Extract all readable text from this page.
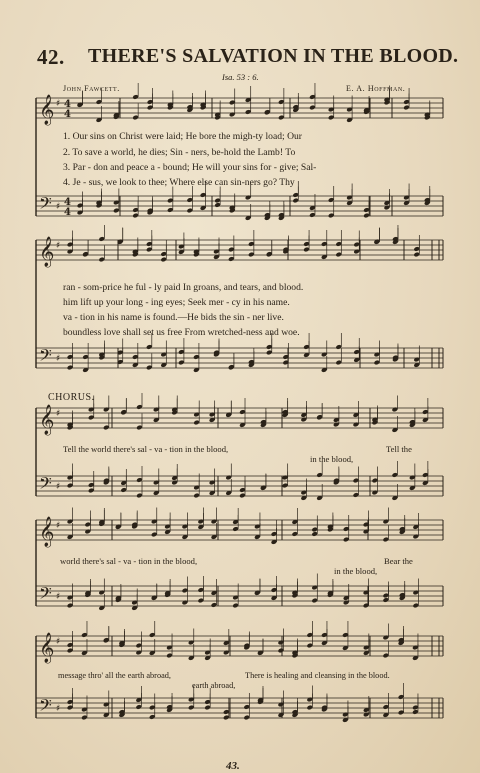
42. THERE'S SALVATION IN THE BLOOD.
Isa. 53 : 6.
John Fawcett.	E. A. Hoffman.
𝄞
𝄢
♯
♯
4
4
4
4
𝄞
𝄢
♯
♯
𝄞
𝄢
♯
♯
𝄞
𝄢
♯
♯
𝄞
𝄢
♯
♯
1. Our sins on Christ were laid; He bore the migh-ty load; Our
2. To save a world, he dies; Sin - ners, be-hold the Lamb! To
3. Par - don and peace a - bound; He will your sins for - give; Sal-
4. Je - sus, we look to thee; Where else can sin-ners go? Thy
ran - som-price he ful - ly paid In groans, and tears, and blood.
him lift up your long - ing eyes; Seek mer - cy in his name.
va - tion in his name is found.—He bids the sin - ner live.
boundless love shall set us free From wretched-ness and woe.
CHORUS.
Tell the world there's sal - va - tion in the blood,	Tell the
in the blood,
world there's sal - va - tion in the blood,	Bear the
in the blood,
message thro' all the earth abroad,	There is healing and cleansing in the blood.
earth abroad,
43.
